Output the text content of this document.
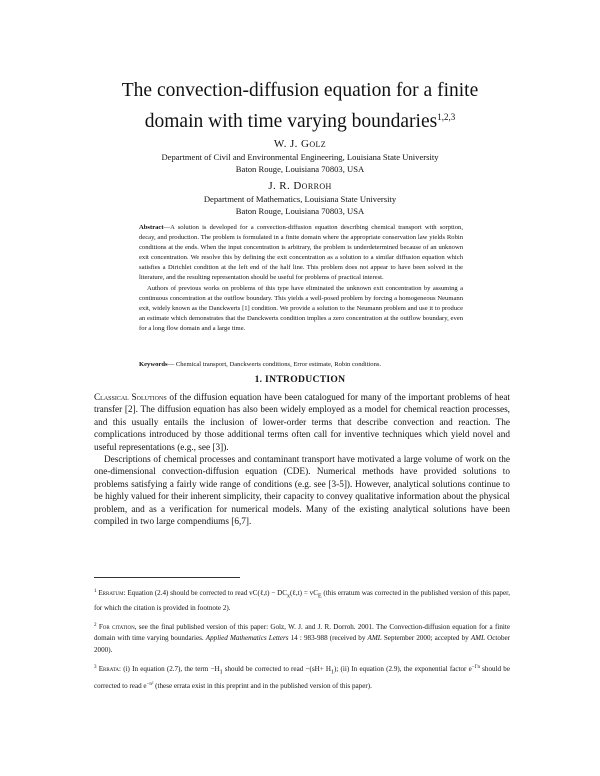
The convection-diffusion equation for a finite
domain with time varying boundaries$^{1,2,3}$
W. J. Golz
Department of Civil and Environmental Engineering, Louisiana State University
Baton Rouge, Louisiana 70803, USA
J. R. Dorroh
Department of Mathematics, Louisiana State University
Baton Rouge, Louisiana 70803, USA

Abstract—A solution is developed for a convection-diffusion equation describing chemical transport with sorption, decay, and production. The problem is formulated in a finite domain where the appropriate conservation law yields Robin conditions at the ends. When the input concentration is arbitrary, the problem is underdetermined because of an unknown exit concentration. We resolve this by defining the exit concentration as a solution to a similar diffusion equation which satisfies a Dirichlet condition at the left end of the half line. This problem does not appear to have been solved in the literature, and the resulting representation should be useful for problems of practical interest.

Authors of previous works on problems of this type have eliminated the unknown exit concentration by assuming a continuous concentration at the outflow boundary. This yields a well-posed problem by forcing a homogeneous Neumann exit, widely known as the Danckwerts [1] condition. We provide a solution to the Neumann problem and use it to produce an estimate which demonstrates that the Danckwerts condition implies a zero concentration at the outflow boundary, even for a long flow domain and a large time.

Keywords— Chemical transport, Danckwerts conditions, Error estimate, Robin conditions.
1. INTRODUCTION

Classical Solutions of the diffusion equation have been catalogued for many of the important problems of heat transfer [2]. The diffusion equation has also been widely employed as a model for chemical reaction processes, and this usually entails the inclusion of lower-order terms that describe convection and reaction. The complications introduced by those additional terms often call for inventive techniques which yield novel and useful representations (e.g., see [3]).

Descriptions of chemical processes and contaminant transport have motivated a large volume of work on the one-dimensional convection-diffusion equation (CDE). Numerical methods have provided solutions to problems satisfying a fairly wide range of conditions (e.g. see [3-5]). However, analytical solutions continue to be highly valued for their inherent simplicity, their capacity to convey qualitative information about the physical problem, and as a verification for numerical models. Many of the existing analytical solutions have been compiled in two large compendiums [6,7].

$^1$ Erratum: Equation (2.4) should be corrected to read vC(ℓ,t) − $DC_x(\ell,t) = vC_E$ (this erratum was corrected in the published version of this paper, for which the citation is provided in footnote 2).

$^2$ For citation, see the final published version of this paper: Golz, W. J. and J. R. Dorroh. 2001. The Convection-diffusion equation for a finite domain with time varying boundaries. Applied Mathematics Letters 14 : 983-988 (received by AML September 2000; accepted by AML October 2000).

$^3$ Errata: (i) In equation (2.7), the term $-H_1$ should be corrected to read $-(sH+ H_1)$; (ii) In equation (2.9), the exponential factor $e^{-\Gamma n}$ should be corrected to read $e^{-n^2}$ (these errata exist in this preprint and in the published version of this paper).
